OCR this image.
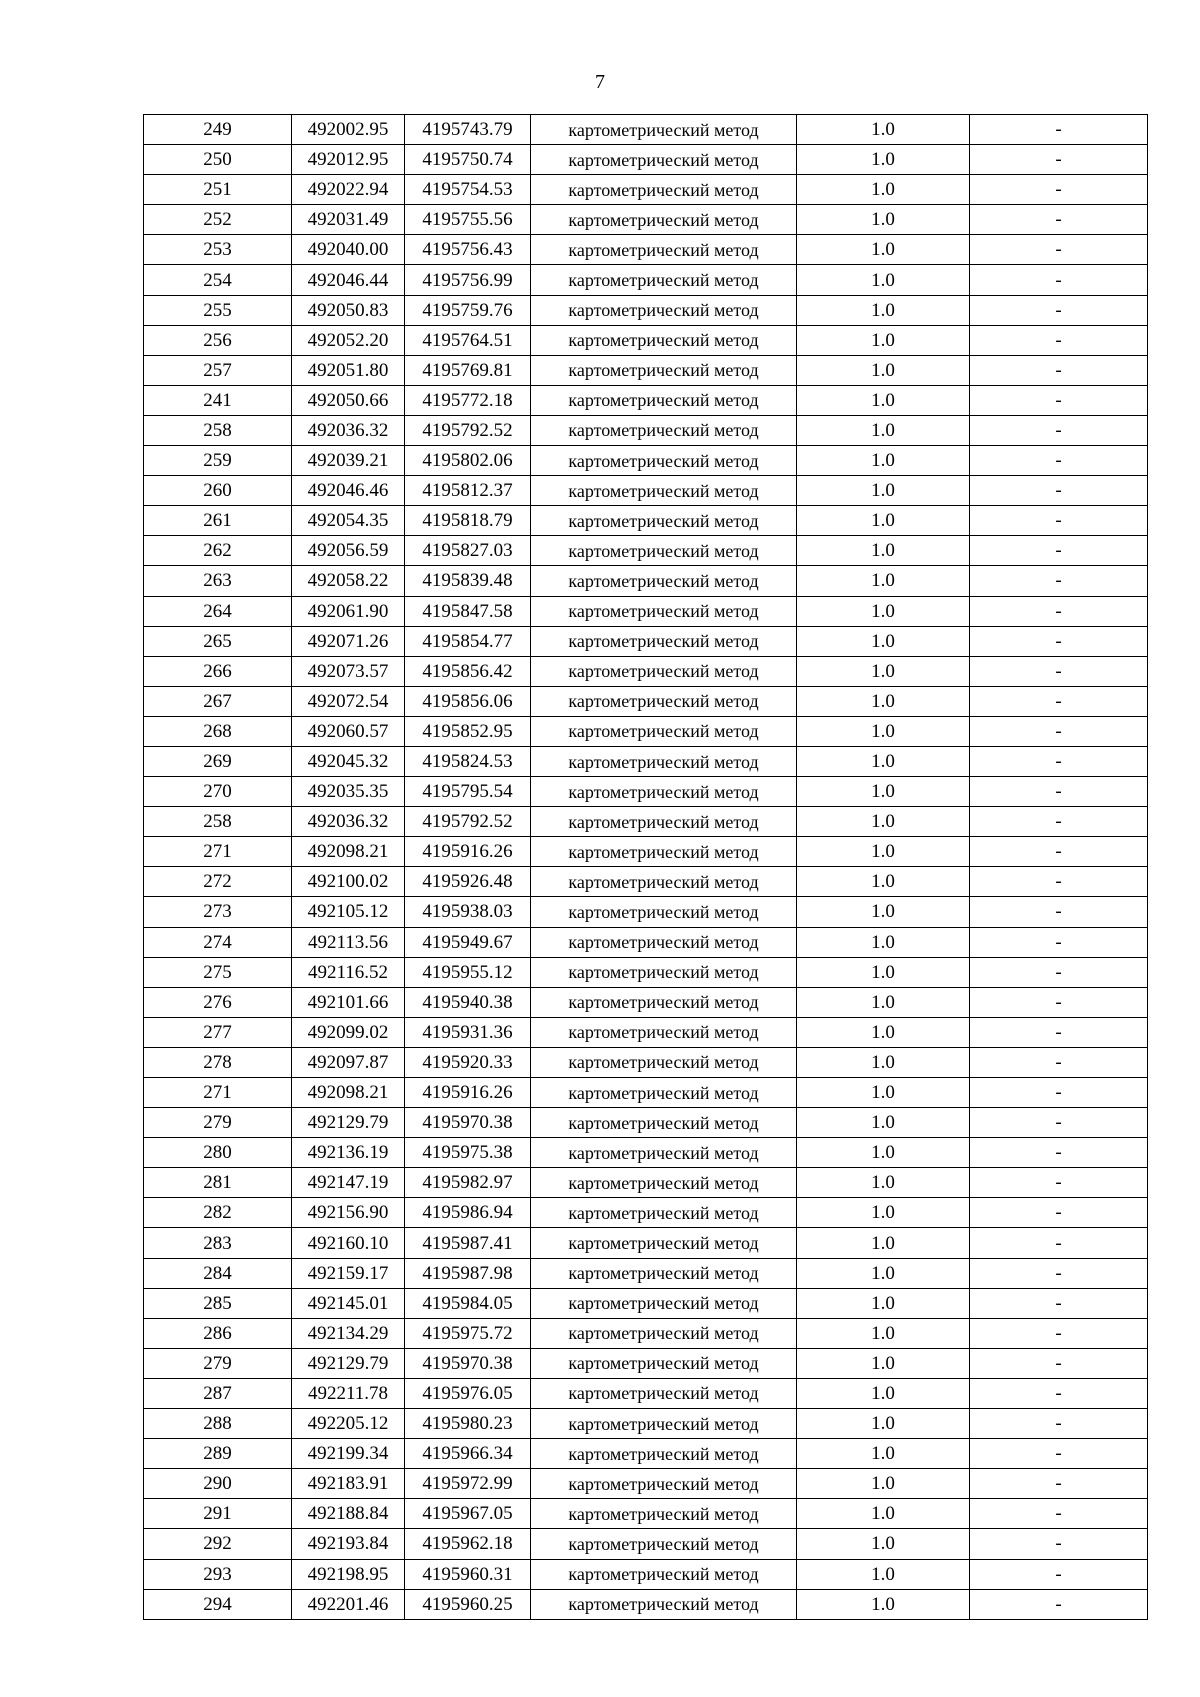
7
249	492002.95	4195743.79	картометрический метод	1.0	-
250	492012.95	4195750.74	картометрический метод	1.0	-
251	492022.94	4195754.53	картометрический метод	1.0	-
252	492031.49	4195755.56	картометрический метод	1.0	-
253	492040.00	4195756.43	картометрический метод	1.0	-
254	492046.44	4195756.99	картометрический метод	1.0	-
255	492050.83	4195759.76	картометрический метод	1.0	-
256	492052.20	4195764.51	картометрический метод	1.0	-
257	492051.80	4195769.81	картометрический метод	1.0	-
241	492050.66	4195772.18	картометрический метод	1.0	-
258	492036.32	4195792.52	картометрический метод	1.0	-
259	492039.21	4195802.06	картометрический метод	1.0	-
260	492046.46	4195812.37	картометрический метод	1.0	-
261	492054.35	4195818.79	картометрический метод	1.0	-
262	492056.59	4195827.03	картометрический метод	1.0	-
263	492058.22	4195839.48	картометрический метод	1.0	-
264	492061.90	4195847.58	картометрический метод	1.0	-
265	492071.26	4195854.77	картометрический метод	1.0	-
266	492073.57	4195856.42	картометрический метод	1.0	-
267	492072.54	4195856.06	картометрический метод	1.0	-
268	492060.57	4195852.95	картометрический метод	1.0	-
269	492045.32	4195824.53	картометрический метод	1.0	-
270	492035.35	4195795.54	картометрический метод	1.0	-
258	492036.32	4195792.52	картометрический метод	1.0	-
271	492098.21	4195916.26	картометрический метод	1.0	-
272	492100.02	4195926.48	картометрический метод	1.0	-
273	492105.12	4195938.03	картометрический метод	1.0	-
274	492113.56	4195949.67	картометрический метод	1.0	-
275	492116.52	4195955.12	картометрический метод	1.0	-
276	492101.66	4195940.38	картометрический метод	1.0	-
277	492099.02	4195931.36	картометрический метод	1.0	-
278	492097.87	4195920.33	картометрический метод	1.0	-
271	492098.21	4195916.26	картометрический метод	1.0	-
279	492129.79	4195970.38	картометрический метод	1.0	-
280	492136.19	4195975.38	картометрический метод	1.0	-
281	492147.19	4195982.97	картометрический метод	1.0	-
282	492156.90	4195986.94	картометрический метод	1.0	-
283	492160.10	4195987.41	картометрический метод	1.0	-
284	492159.17	4195987.98	картометрический метод	1.0	-
285	492145.01	4195984.05	картометрический метод	1.0	-
286	492134.29	4195975.72	картометрический метод	1.0	-
279	492129.79	4195970.38	картометрический метод	1.0	-
287	492211.78	4195976.05	картометрический метод	1.0	-
288	492205.12	4195980.23	картометрический метод	1.0	-
289	492199.34	4195966.34	картометрический метод	1.0	-
290	492183.91	4195972.99	картометрический метод	1.0	-
291	492188.84	4195967.05	картометрический метод	1.0	-
292	492193.84	4195962.18	картометрический метод	1.0	-
293	492198.95	4195960.31	картометрический метод	1.0	-
294	492201.46	4195960.25	картометрический метод	1.0	-
